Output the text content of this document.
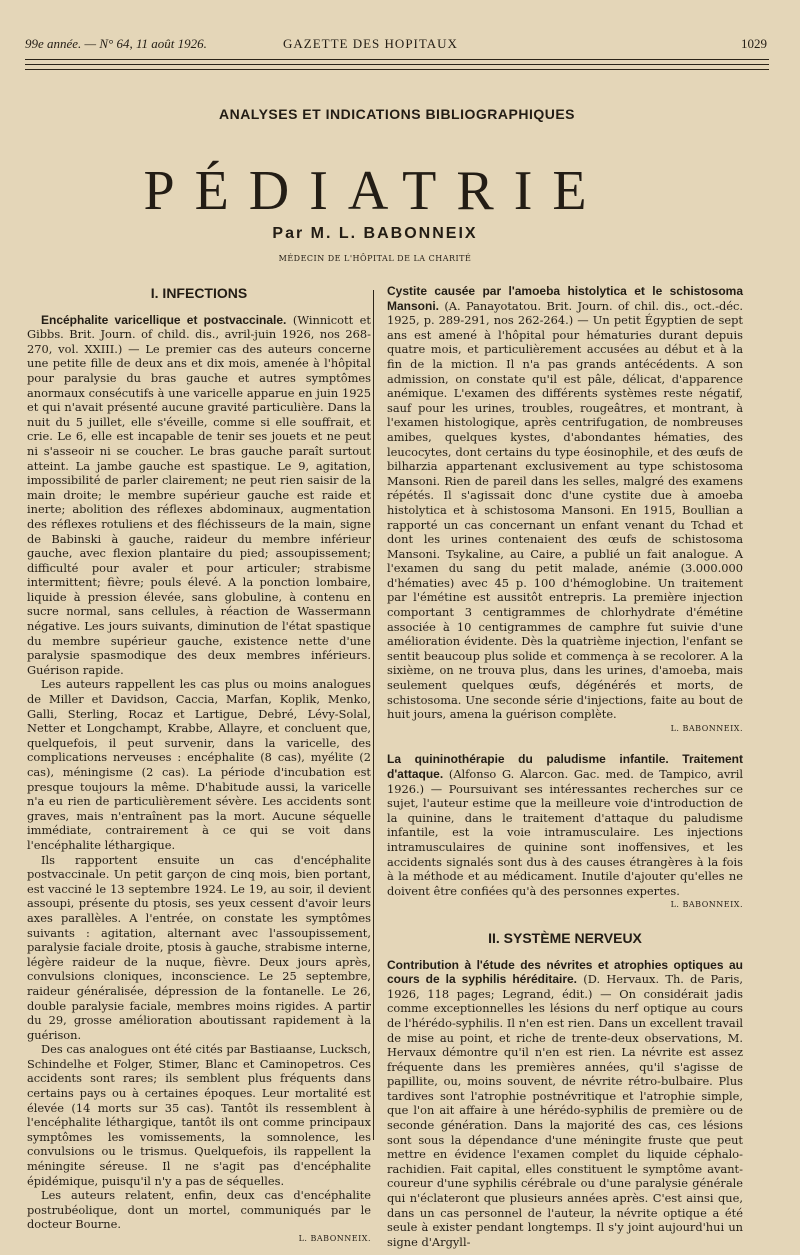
99e année. — N° 64, 11 août 1926.	GAZETTE DES HOPITAUX	1029
ANALYSES ET INDICATIONS BIBLIOGRAPHIQUES
PÉDIATRIE
Par M. L. BABONNEIX
MÉDECIN DE L'HÔPITAL DE LA CHARITÉ
I. INFECTIONS

Encéphalite varicellique et postvaccinale. (Winnicott et Gibbs. Brit. Journ. of child. dis., avril-juin 1926, nos 268-270, vol. XXIII.) — Le premier cas des auteurs concerne une petite fille de deux ans et dix mois, amenée à l'hôpital pour paralysie du bras gauche et autres symptômes anormaux consécutifs à une varicelle apparue en juin 1925 et qui n'avait présenté aucune gravité particulière. Dans la nuit du 5 juillet, elle s'éveille, comme si elle souffrait, et crie. Le 6, elle est incapable de tenir ses jouets et ne peut ni s'asseoir ni se coucher. Le bras gauche paraît surtout atteint. La jambe gauche est spastique. Le 9, agitation, impossibilité de parler clairement; ne peut rien saisir de la main droite; le membre supérieur gauche est raide et inerte; abolition des réflexes abdominaux, augmentation des réflexes rotuliens et des fléchisseurs de la main, signe de Babinski à gauche, raideur du membre inférieur gauche, avec flexion plantaire du pied; assoupissement; difficulté pour avaler et pour articuler; strabisme intermittent; fièvre; pouls élevé. A la ponction lombaire, liquide à pression élevée, sans globuline, à contenu en sucre normal, sans cellules, à réaction de Wassermann négative. Les jours suivants, diminution de l'état spastique du membre supérieur gauche, existence nette d'une paralysie spasmodique des deux membres inférieurs. Guérison rapide.

Les auteurs rappellent les cas plus ou moins analogues de Miller et Davidson, Caccia, Marfan, Koplik, Menko, Galli, Sterling, Rocaz et Lartigue, Debré, Lévy-Solal, Netter et Longchampt, Krabbe, Allayre, et concluent que, quelquefois, il peut survenir, dans la varicelle, des complications nerveuses : encéphalite (8 cas), myélite (2 cas), méningisme (2 cas). La période d'incubation est presque toujours la même. D'habitude aussi, la varicelle n'a eu rien de particulièrement sévère. Les accidents sont graves, mais n'entraînent pas la mort. Aucune séquelle immédiate, contrairement à ce qui se voit dans l'encéphalite léthargique.

Ils rapportent ensuite un cas d'encéphalite postvaccinale. Un petit garçon de cinq mois, bien portant, est vacciné le 13 septembre 1924. Le 19, au soir, il devient assoupi, présente du ptosis, ses yeux cessent d'avoir leurs axes parallèles. A l'entrée, on constate les symptômes suivants : agitation, alternant avec l'assoupissement, paralysie faciale droite, ptosis à gauche, strabisme interne, légère raideur de la nuque, fièvre. Deux jours après, convulsions cloniques, inconscience. Le 25 septembre, raideur généralisée, dépression de la fontanelle. Le 26, double paralysie faciale, membres moins rigides. A partir du 29, grosse amélioration aboutissant rapidement à la guérison.

Des cas analogues ont été cités par Bastiaanse, Lucksch, Schindelhe et Folger, Stimer, Blanc et Caminopetros. Ces accidents sont rares; ils semblent plus fréquents dans certains pays ou à certaines époques. Leur mortalité est élevée (14 morts sur 35 cas). Tantôt ils ressemblent à l'encéphalite léthargique, tantôt ils ont comme principaux symptômes les vomissements, la somnolence, les convulsions ou le trismus. Quelquefois, ils rappellent la méningite séreuse. Il ne s'agit pas d'encéphalite épidémique, puisqu'il n'y a pas de séquelles.

Les auteurs relatent, enfin, deux cas d'encéphalite postrubéolique, dont un mortel, communiqués par le docteur Bourne.

L. BABONNEIX.

Cystite causée par l'amoeba histolytica et le schistosoma Mansoni. (A. Panayotatou. Brit. Journ. of chil. dis., oct.-déc. 1925, p. 289-291, nos 262-264.) — Un petit Égyptien de sept ans est amené à l'hôpital pour hématuries durant depuis quatre mois, et particulièrement accusées au début et à la fin de la miction. Il n'a pas grands antécédents. A son admission, on constate qu'il est pâle, délicat, d'apparence anémique. L'examen des différents systèmes reste négatif, sauf pour les urines, troubles, rougeâtres, et montrant, à l'examen histologique, après centrifugation, de nombreuses amibes, quelques kystes, d'abondantes hématies, des leucocytes, dont certains du type éosinophile, et des œufs de bilharzia appartenant exclusivement au type schistosoma Mansoni. Rien de pareil dans les selles, malgré des examens répétés. Il s'agissait donc d'une cystite due à amoeba histolytica et à schistosoma Mansoni. En 1915, Boullian a rapporté un cas concernant un enfant venant du Tchad et dont les urines contenaient des œufs de schistosoma Mansoni. Tsykaline, au Caire, a publié un fait analogue. A l'examen du sang du petit malade, anémie (3.000.000 d'hématies) avec 45 p. 100 d'hémoglobine. Un traitement par l'émétine est aussitôt entrepris. La première injection comportant 3 centigrammes de chlorhydrate d'émétine associée à 10 centigrammes de camphre fut suivie d'une amélioration évidente. Dès la quatrième injection, l'enfant se sentit beaucoup plus solide et commença à se recolorer. A la sixième, on ne trouva plus, dans les urines, d'amoeba, mais seulement quelques œufs, dégénérés et morts, de schistosoma. Une seconde série d'injections, faite au bout de huit jours, amena la guérison complète.

L. BABONNEIX.

La quininothérapie du paludisme infantile. Traitement d'attaque. (Alfonso G. Alarcon. Gac. med. de Tampico, avril 1926.) — Poursuivant ses intéressantes recherches sur ce sujet, l'auteur estime que la meilleure voie d'introduction de la quinine, dans le traitement d'attaque du paludisme infantile, est la voie intramusculaire. Les injections intramusculaires de quinine sont inoffensives, et les accidents signalés sont dus à des causes étrangères à la fois à la méthode et au médicament. Inutile d'ajouter qu'elles ne doivent être confiées qu'à des personnes expertes.

L. BABONNEIX.
II. SYSTÈME NERVEUX

Contribution à l'étude des névrites et atrophies optiques au cours de la syphilis héréditaire. (D. Hervaux. Th. de Paris, 1926, 118 pages; Legrand, édit.) — On considérait jadis comme exceptionnelles les lésions du nerf optique au cours de l'hérédo-syphilis. Il n'en est rien. Dans un excellent travail de mise au point, et riche de trente-deux observations, M. Hervaux démontre qu'il n'en est rien. La névrite est assez fréquente dans les premières années, qu'il s'agisse de papillite, ou, moins souvent, de névrite rétro-bulbaire. Plus tardives sont l'atrophie postnévritique et l'atrophie simple, que l'on ait affaire à une hérédo-syphilis de première ou de seconde génération. Dans la majorité des cas, ces lésions sont sous la dépendance d'une méningite fruste que peut mettre en évidence l'examen complet du liquide céphalo-rachidien. Fait capital, elles constituent le symptôme avant-coureur d'une syphilis cérébrale ou d'une paralysie générale qui n'éclateront que plusieurs années après. C'est ainsi que, dans un cas personnel de l'auteur, la névrite optique a été seule à exister pendant longtemps. Il s'y joint aujourd'hui un signe d'Argyll-
